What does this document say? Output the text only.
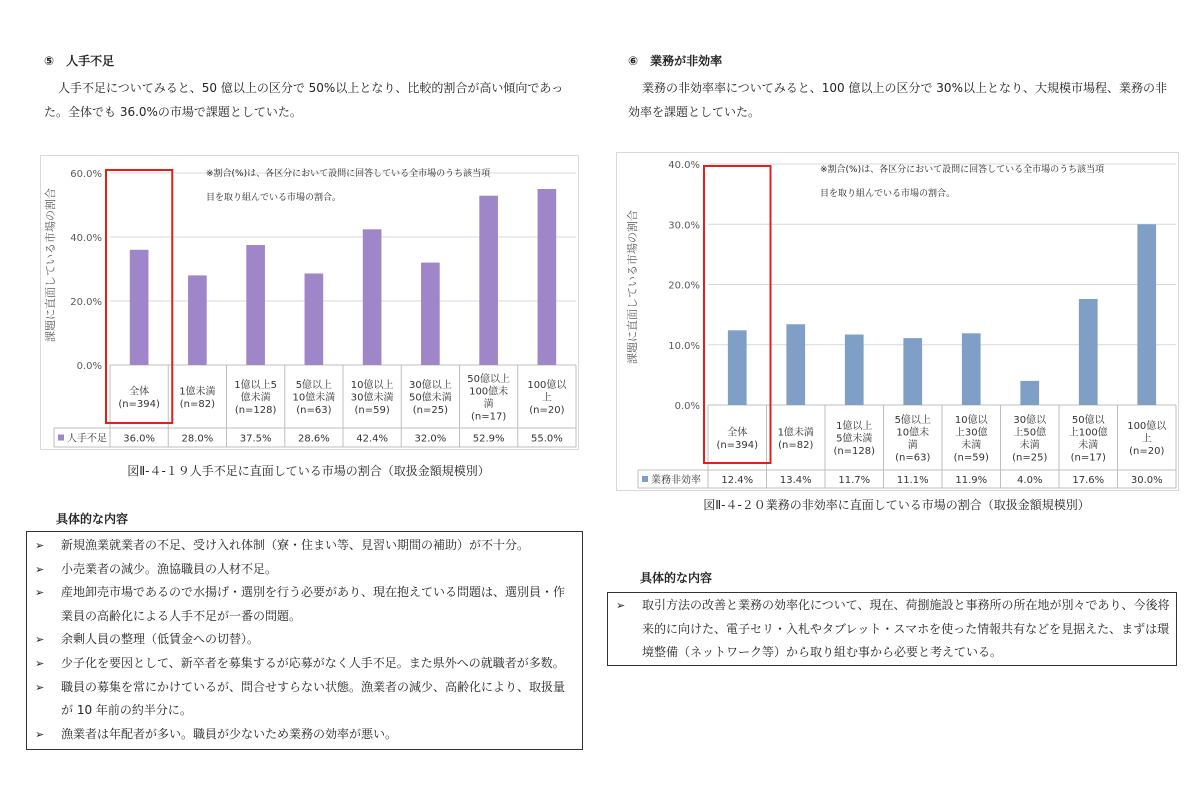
⑤　人手不足
人手不足についてみると、50 億以上の区分で 50%以上となり、比較的割合が高い傾向であった。全体でも 36.0%の市場で課題としていた。
0.0%
20.0%
40.0%
60.0%
課題に直面している市場の割合
人手不足
全体
(n=394)
36.0%
1億未満
(n=82)
28.0%
1億以上5
億未満
(n=128)
37.5%
5億以上
10億未満
(n=63)
28.6%
10億以上
30億未満
(n=59)
42.4%
30億以上
50億未満
(n=25)
32.0%
50億以上
100億未
満
(n=17)
52.9%
100億以
上
(n=20)
55.0%
※割合(%)は、各区分において設問に回答している全市場のうち該当項
目を取り組んでいる市場の割合。
図Ⅱ-４-１９人手不足に直面している市場の割合（取扱金額規模別）
具体的な内容
➢ 新規漁業就業者の不足、受け入れ体制（寮・住まい等、見習い期間の補助）が不十分。
➢ 小売業者の減少。漁協職員の人材不足。
➢ 産地卸売市場であるので水揚げ・選別を行う必要があり、現在抱えている問題は、選別員・作業員の高齢化による人手不足が一番の問題。
➢ 余剰人員の整理（低賃金への切替）。
➢ 少子化を要因として、新卒者を募集するが応募がなく人手不足。また県外への就職者が多数。
➢ 職員の募集を常にかけているが、問合せすらない状態。漁業者の減少、高齢化により、取扱量が 10 年前の約半分に。
➢ 漁業者は年配者が多い。職員が少ないため業務の効率が悪い。
⑥　業務が非効率
業務の非効率率についてみると、100 億以上の区分で 30%以上となり、大規模市場程、業務の非効率を課題としていた。
0.0%
10.0%
20.0%
30.0%
40.0%
課題に直面している市場の割合
業務非効率
全体
(n=394)
12.4%
1億未満
(n=82)
13.4%
1億以上
5億未満
(n=128)
11.7%
5億以上
10億未
満
(n=63)
11.1%
10億以
上30億
未満
(n=59)
11.9%
30億以
上50億
未満
(n=25)
4.0%
50億以
上100億
未満
(n=17)
17.6%
100億以
上
(n=20)
30.0%
※割合(%)は、各区分において設問に回答している全市場のうち該当項
目を取り組んでいる市場の割合。
図Ⅱ-４-２０業務の非効率に直面している市場の割合（取扱金額規模別）
具体的な内容
➢ 取引方法の改善と業務の効率化について、現在、荷捌施設と事務所の所在地が別々であり、今後将来的に向けた、電子セリ・入札やタブレット・スマホを使った情報共有などを見据えた、まずは環境整備（ネットワーク等）から取り組む事から必要と考えている。
